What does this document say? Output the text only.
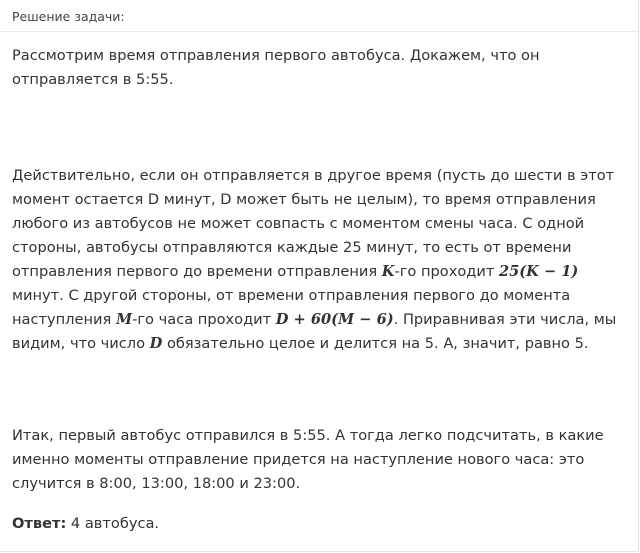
Решение задачи:
Рассмотрим время отправления первого автобуса. Докажем, что он отправляется в 5:55.
Действительно, если он отправляется в другое время (пусть до шести в этот момент остается D минут, D может быть не целым), то время отправления любого из автобусов не может совпасть с моментом смены часа. С одной стороны, автобусы отправляются каждые 25 минут, то есть от времени отправления первого до времени отправления K-го проходит 25(K − 1) минут. С другой стороны, от времени отправления первого до момента наступления M-го часа проходит D + 60(M − 6). Приравнивая эти числа, мы видим, что число D обязательно целое и делится на 5. А, значит, равно 5.
Итак, первый автобус отправился в 5:55. А тогда легко подсчитать, в какие именно моменты отправление придется на наступление нового часа: это случится в 8:00, 13:00, 18:00 и 23:00.
Ответ: 4 автобуса.
